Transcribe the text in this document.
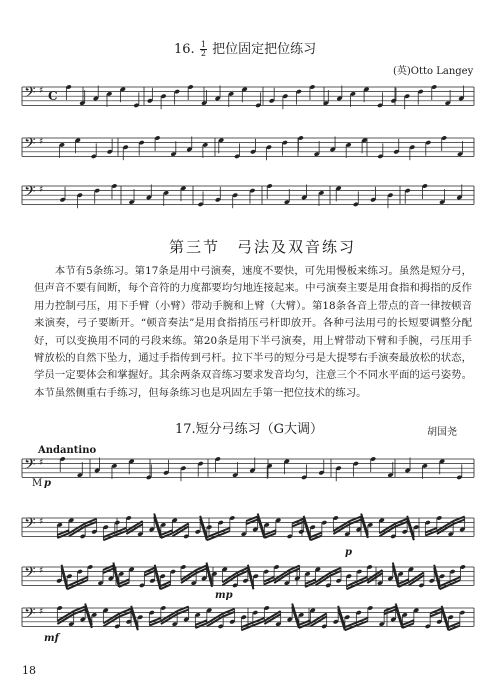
16. $\frac{1}{2}$ 把位固定把位练习
(英)Otto Langey
𝄢 ♯ C
𝄢 ♯
𝄢 ♯
𝄢 ♯
𝄢 ♯
𝄢 ♯
𝄢 ♯
第三节　弓法及双音练习

本节有5条练习。第17条是用中弓演奏，速度不要快，可先用慢板来练习。虽然是短分弓，但声音不要有间断，每个音符的力度都要均匀地连接起来。中弓演奏主要是用食指和拇指的反作用力控制弓压，用下手臂（小臂）带动手腕和上臂（大臂）。第18条各音上带点的音一律按顿音来演奏，弓子要断开。“顿音奏法”是用食指捎压弓杆即放开。各种弓法用弓的长短要调整分配好，可以变换用不同的弓段来练。第20条是用下半弓演奏，用上臂带动下臂和手腕，弓压用手臂放松的自然下坠力，通过手指传到弓杆。拉下半弓的短分弓是大提琴右手演奏最放松的状态，学员一定要体会和掌握好。其余两条双音练习要求发音均匀，注意三个不同水平面的运弓姿势。本节虽然侧重右手练习，但每条练习也是巩固左手第一把位技术的练习。

17.短分弓练习（G大调）	胡国尧
Andantino
M p
p
mp
mf
18
